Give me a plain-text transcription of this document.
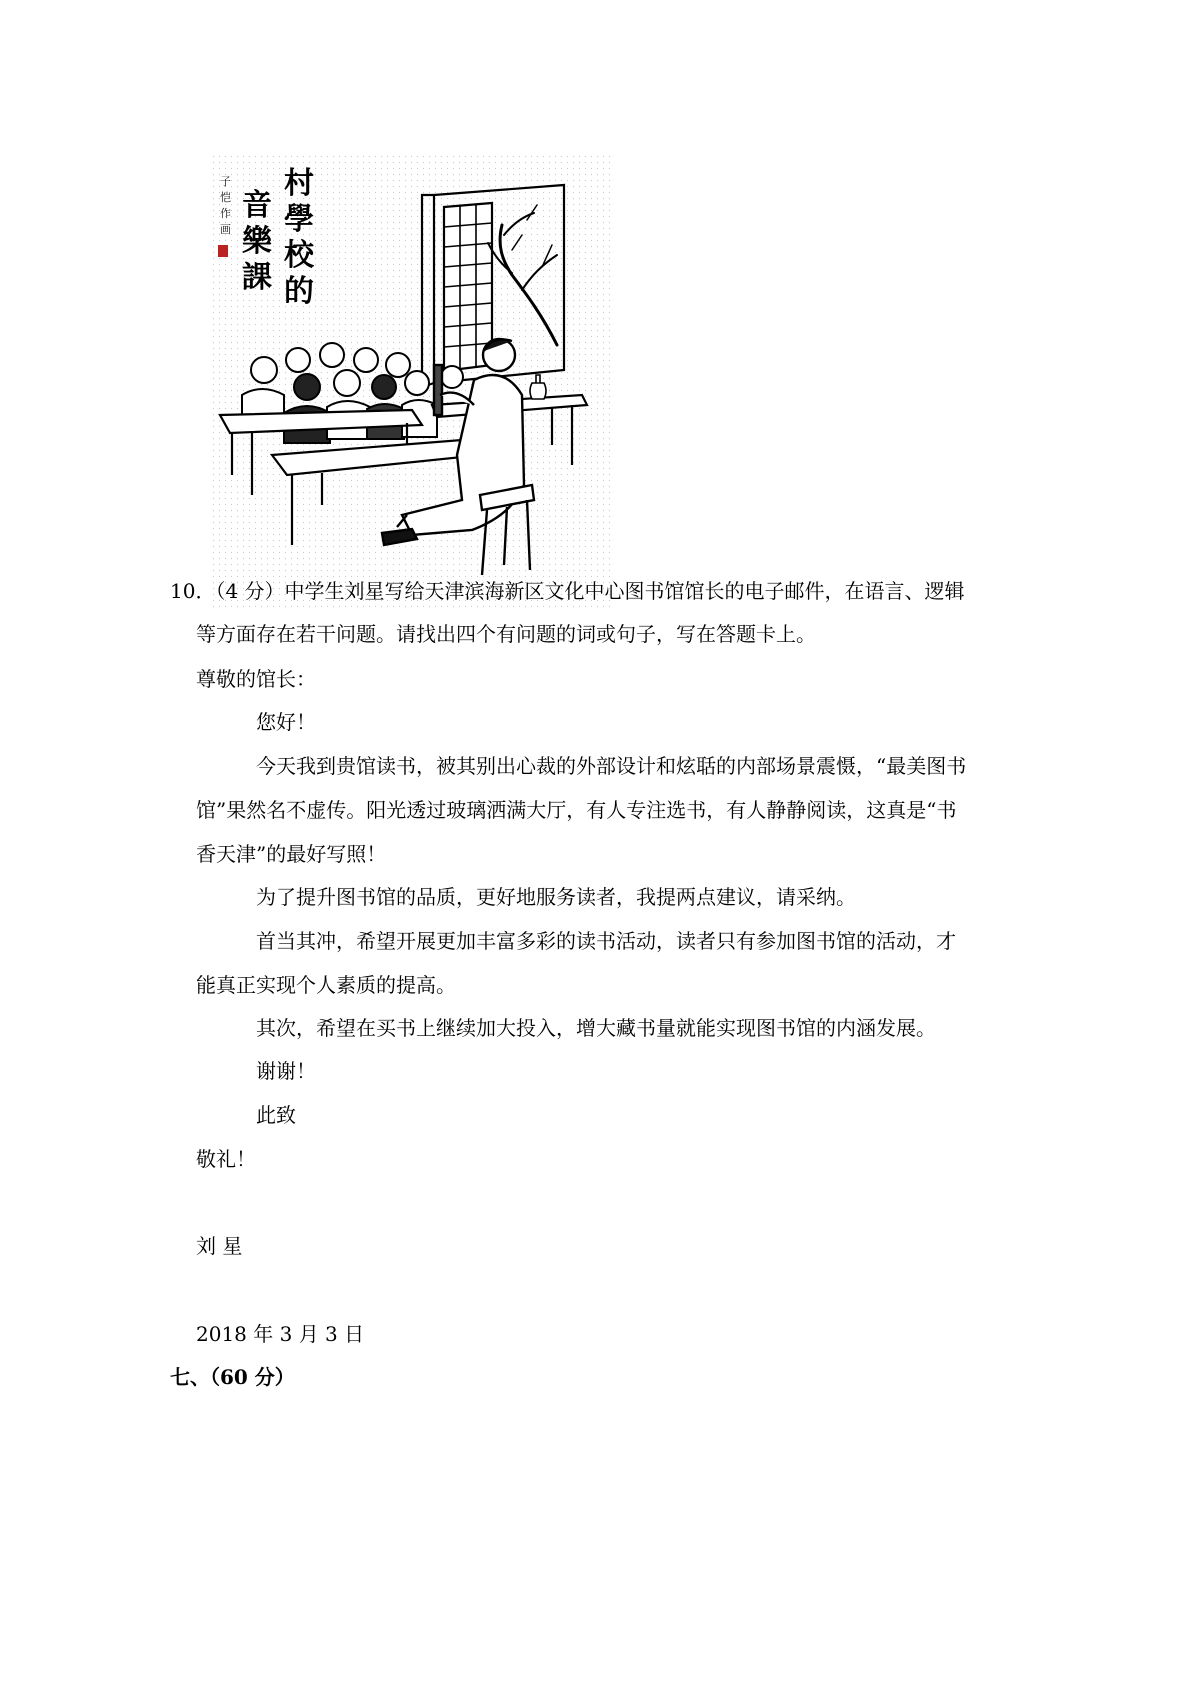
村
學
校
的
音
樂
課
子
恺
作
画
10．（4 分）中学生刘星写给天津滨海新区文化中心图书馆馆长的电子邮件，在语言、逻辑
等方面存在若干问题。请找出四个有问题的词或句子，写在答题卡上。
尊敬的馆长：
您好！
今天我到贵馆读书，被其别出心裁的外部设计和炫聒的内部场景震慑，“最美图书
馆”果然名不虚传。阳光透过玻璃洒满大厅，有人专注选书，有人静静阅读，这真是“书
香天津”的最好写照！
为了提升图书馆的品质，更好地服务读者，我提两点建议，请采纳。
首当其冲，希望开展更加丰富多彩的读书活动，读者只有参加图书馆的活动，才
能真正实现个人素质的提高。
其次，希望在买书上继续加大投入，增大藏书量就能实现图书馆的内涵发展。
谢谢！
此致
敬礼！
刘 星
2018 年 3 月 3 日
七、（60 分）
